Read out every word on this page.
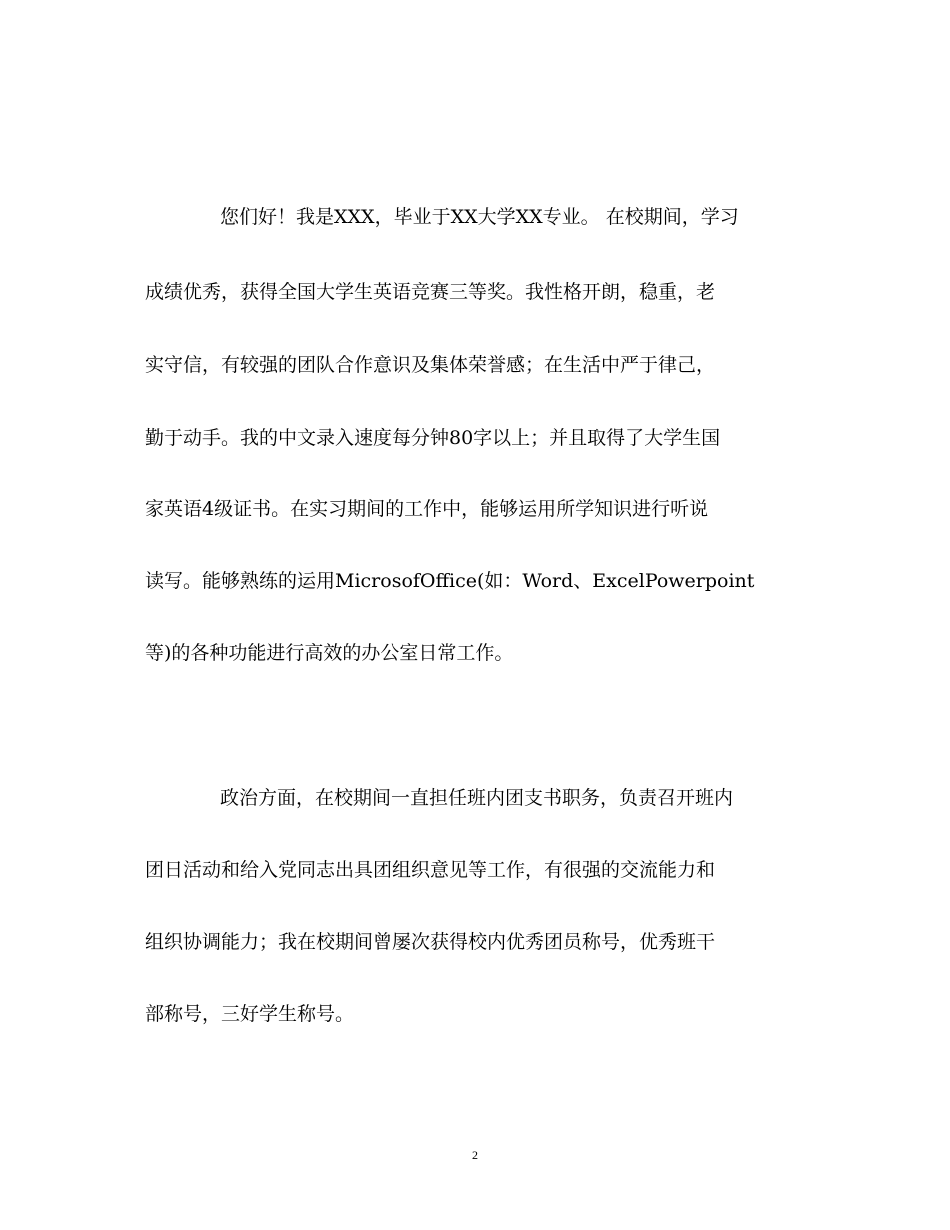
您们好！我是XXX，毕业于XX大学XX专业。 在校期间，学习
成绩优秀，获得全国大学生英语竞赛三等奖。我性格开朗，稳重，老
实守信，有较强的团队合作意识及集体荣誉感；在生活中严于律己，
勤于动手。我的中文录入速度每分钟80字以上；并且取得了大学生国
家英语4级证书。在实习期间的工作中，能够运用所学知识进行听说
读写。能够熟练的运用MicrosofOffice(如：Word、ExcelPowerpoint
等)的各种功能进行高效的办公室日常工作。
政治方面，在校期间一直担任班内团支书职务，负责召开班内
团日活动和给入党同志出具团组织意见等工作，有很强的交流能力和
组织协调能力；我在校期间曾屡次获得校内优秀团员称号，优秀班干
部称号，三好学生称号。
2
